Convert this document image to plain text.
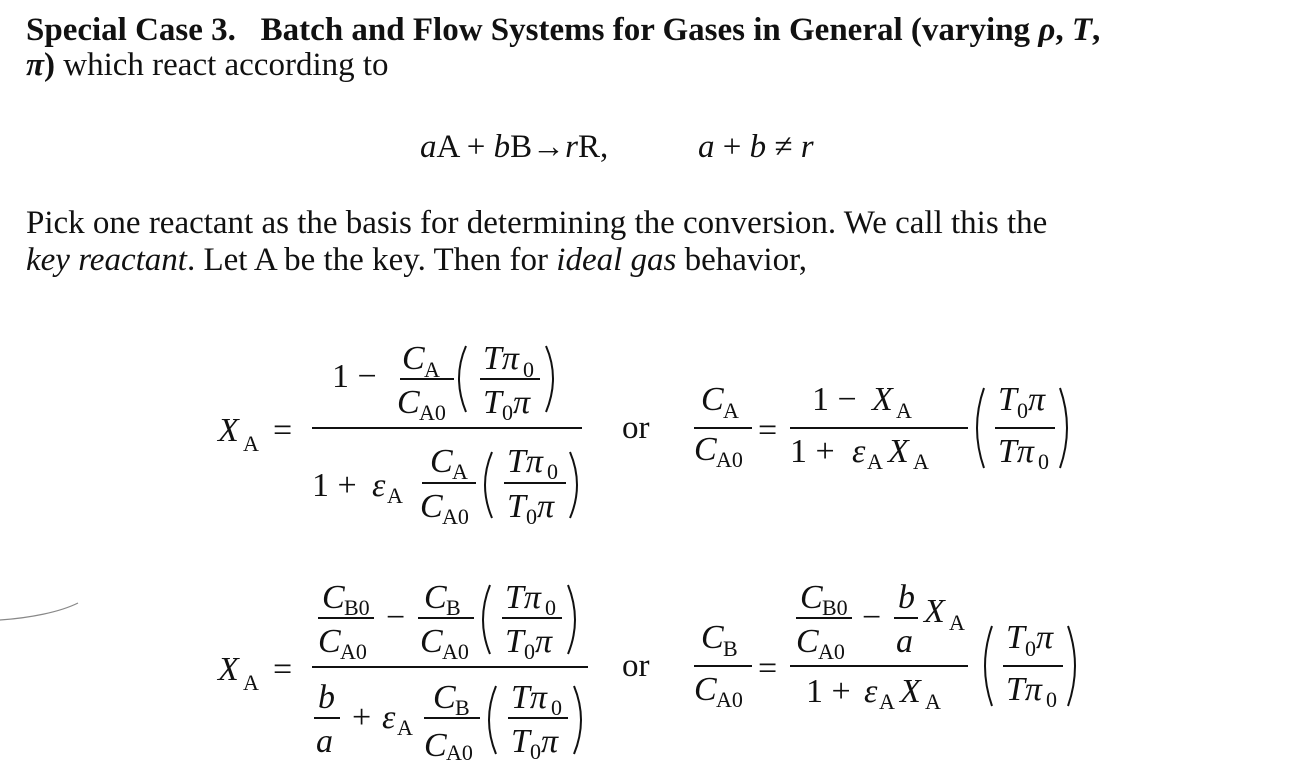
Special Case 3. Batch and Flow Systems for Gases in General (varying ρ, T,
π) which react according to
aA + bB→rR,	a + b ≠ r
Pick one reactant as the basis for determining the conversion. We call this the
key reactant. Let A be the key. Then for ideal gas behavior,
X A =
1 − C A
C A0
Tπ 0
T 0 π
1 + ε A
C A
C A0
Tπ 0
T 0 π
or
C A
C A0
=
1 − X A
1 + ε A X A
T 0 π
Tπ 0
X A =
C B0
C A0
−
C B
C A0
Tπ 0
T 0 π
b
a
+ ε A
C B
C A0
Tπ 0
T 0 π
or
C B
C A0
=
C B0
C A0
−
b
a
X A
1 + ε A X A
T 0 π
Tπ 0
